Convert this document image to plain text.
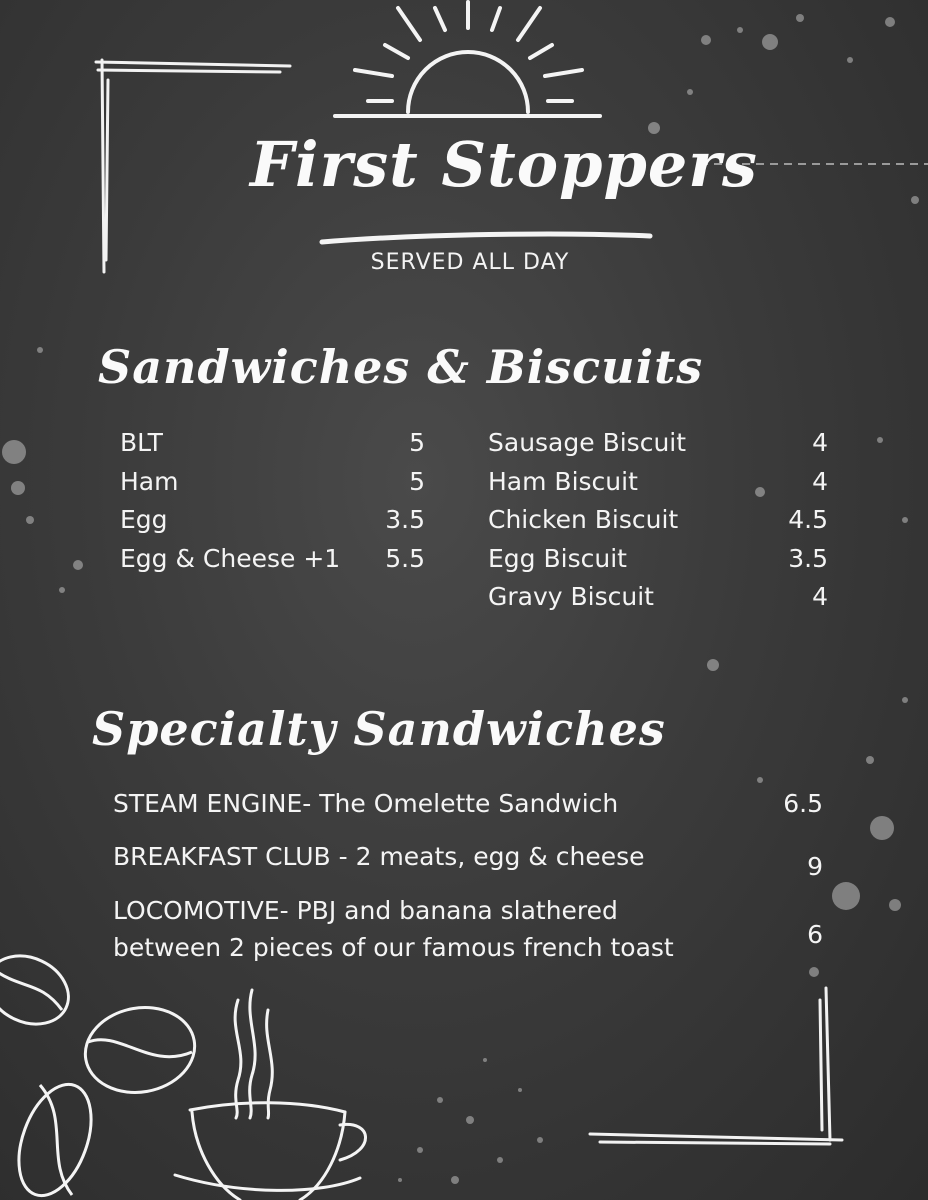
First Stoppers
SERVED ALL DAY
Sandwiches & Biscuits
BLT	5
Ham	5
Egg	3.5
Egg & Cheese +1 5.5
Sausage Biscuit	4
Ham Biscuit	4
Chicken Biscuit	4.5
Egg Biscuit	3.5
Gravy Biscuit	4
Specialty Sandwiches
STEAM ENGINE- The Omelette Sandwich	6.5
BREAKFAST CLUB - 2 meats, egg & cheese	9
LOCOMOTIVE- PBJ and banana slathered
between 2 pieces of our famous french toast	6
